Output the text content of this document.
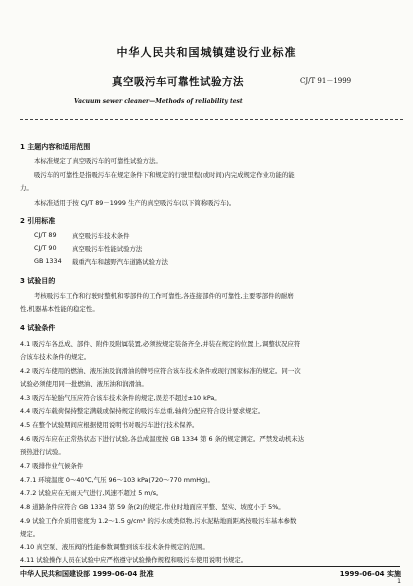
中华人民共和国城镇建设行业标准
真空吸污车可靠性试验方法	CJ/T 91－1999
Vacuum sewer cleaner—Methods of reliability test
1 主题内容和适用范围
本标准规定了真空吸污车的可靠性试验方法。
吸污车的可靠性是指吸污车在规定条件下和规定的行驶里程(或时间)内完成规定作业功能的能
力。
本标准适用于按 CJ/T 89－1999 生产的真空吸污车(以下简称吸污车)。
2 引用标准
CJ/T 89 真空吸污车技术条件
CJ/T 90 真空吸污车性能试验方法
GB 1334 载重汽车和越野汽车道路试验方法
3 试验目的
考核吸污车工作和行驶时整机和零部件的工作可靠性,各连接部件的可靠性,主要零部件的耐磨
性,机器基本性能的稳定性。
4 试验条件
4.1 吸污车各总成、部件、附件及附属装置,必须按规定装备齐全,并装在规定的位置上,调整状况应符
合该车技术条件的规定。
4.2 吸污车使用的燃油、液压油及润滑油的牌号应符合该车技术条件或现行国家标准的规定。同一次
试验必须使用同一批燃油、液压油和润滑油。
4.3 吸污车轮胎气压应符合该车技术条件的规定,误差不超过±10 kPa。
4.4 吸污车载荷保持整定满载或保持规定的吸污车总重,轴荷分配应符合设计要求规定。
4.5 在整个试验期间应根据使用说明书对吸污车进行技术保养。
4.6 吸污车应在正常热状态下进行试验,各总成温度按 GB 1334 第 6 条的规定测定。严禁发动机未达
预热进行试验。
4.7 吸排作业气候条件
4.7.1 环境温度 0～40℃,气压 96～103 kPa(720～770 mmHg)。
4.7.2 试验应在无雨天气进行,风速不超过 5 m/s。
4.8 道路条件应符合 GB 1334 第 59 条(2)的规定,作业时地面应平整、坚实、坡度小于 5%。
4.9 试验工作介质用密度为 1.2～1.5 g/cm³ 的污水或类似物,污水泥粘地面距离按吸污车基本参数
规定。
4.10 真空泵、液压阀的性能参数调整到该车技术条件规定的范围。
4.11 试验操作人员在试验中应严格遵守试验操作规程和吸污车使用说明书规定。
中华人民共和国建设部 1999-06-04 批准	1999-06-04 实施
1
